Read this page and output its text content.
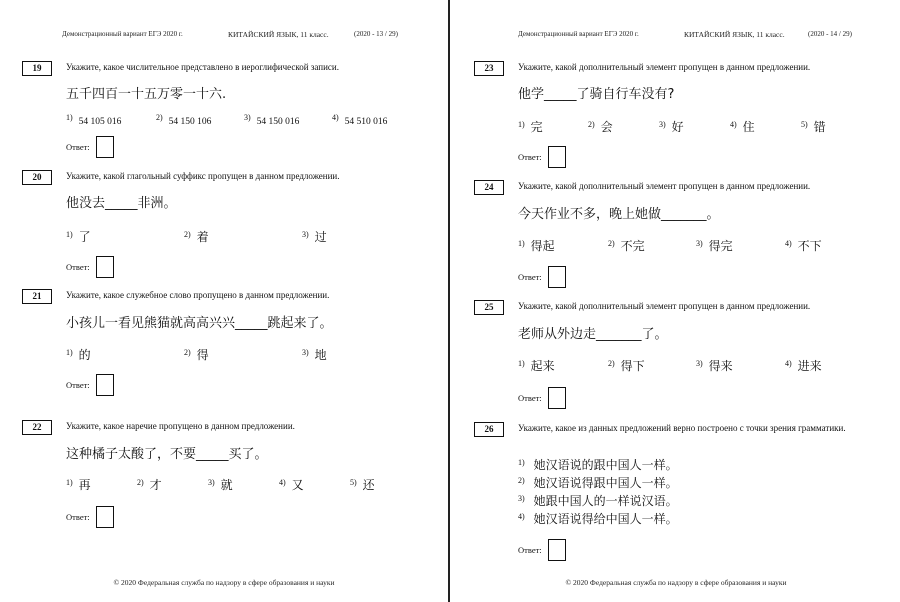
Демонстрационный вариант ЕГЭ 2020 г.	КИТАЙСКИЙ ЯЗЫК, 11 класс.	(2020 - 13 / 29)
19	Укажите, какое числительное представлено в иероглифической записи.
五千四百一十五万零一十六.
$^{1)}$ 54 105 016	$^{2)}$ 54 150 106	$^{3)}$ 54 150 016	$^{4)}$ 54 510 016
Ответ:
20	Укажите, какой глагольный суффикс пропущен в данном предложении.
他没去_____非洲。
$^{1)}$ 了	$^{2)}$ 着	$^{3)}$ 过
Ответ:
21	Укажите, какое служебное слово пропущено в данном предложении.
小孩儿一看见熊猫就高高兴兴_____跳起来了。
$^{1)}$ 的	$^{2)}$ 得	$^{3)}$ 地
Ответ:
22	Укажите, какое наречие пропущено в данном предложении.
这种橘子太酸了，不要_____买了。
$^{1)}$ 再	$^{2)}$ 才	$^{3)}$ 就	$^{4)}$ 又	$^{5)}$ 还
Ответ:
© 2020 Федеральная служба по надзору в сфере образования и науки
Демонстрационный вариант ЕГЭ 2020 г.	КИТАЙСКИЙ ЯЗЫК, 11 класс.	(2020 - 14 / 29)
23	Укажите, какой дополнительный элемент пропущен в данном предложении.
他学_____了骑自行车没有?
$^{1)}$ 完	$^{2)}$ 会	$^{3)}$ 好	$^{4)}$ 住	$^{5)}$ 错
Ответ:
24	Укажите, какой дополнительный элемент пропущен в данном предложении.
今天作业不多，晚上她做_______。
$^{1)}$ 得起	$^{2)}$ 不完	$^{3)}$ 得完	$^{4)}$ 不下
Ответ:
25	Укажите, какой дополнительный элемент пропущен в данном предложении.
老师从外边走_______了。
$^{1)}$ 起来	$^{2)}$ 得下	$^{3)}$ 得来	$^{4)}$ 进来
Ответ:
26	Укажите, какое из данных предложений верно построено с точки зрения грамматики.
$^{1)}$ 她汉语说的跟中国人一样。
$^{2)}$ 她汉语说得跟中国人一样。
$^{3)}$ 她跟中国人的一样说汉语。
$^{4)}$ 她汉语说得给中国人一样。
Ответ:
© 2020 Федеральная служба по надзору в сфере образования и науки
